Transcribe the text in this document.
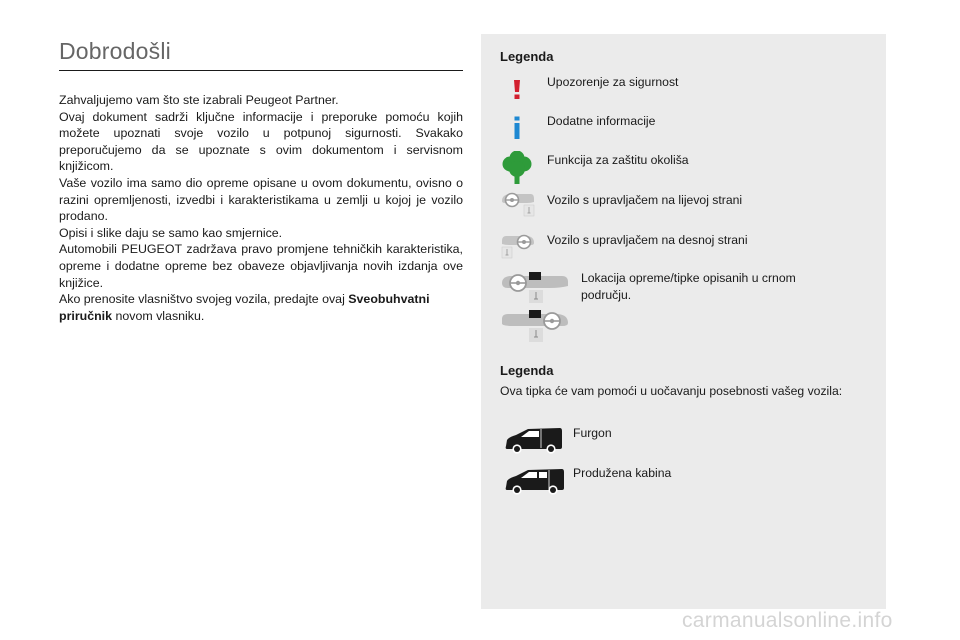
Dobrodošli

Zahvaljujemo vam što ste izabrali Peugeot Partner.

Ovaj dokument sadrži ključne informacije i preporuke pomoću kojih možete upoznati svoje vozilo u potpunoj sigurnosti. Svakako preporučujemo da se upoznate s ovim dokumentom i servisnom knjižicom.

Vaše vozilo ima samo dio opreme opisane u ovom dokumentu, ovisno o razini opremljenosti, izvedbi i karakteristikama u zemlji u kojoj je vozilo prodano.

Opisi i slike daju se samo kao smjernice.

Automobili PEUGEOT zadržava pravo promjene tehničkih karakteristika, opreme i dodatne opreme bez obaveze objavljivanja novih izdanja ove knjižice.

Ako prenosite vlasništvo svojeg vozila, predajte ovaj Sveobuhvatni priručnik novom vlasniku.

Legenda
Upozorenje za sigurnost
Dodatne informacije
Funkcija za zaštitu okoliša
Vozilo s upravljačem na lijevoj strani
Vozilo s upravljačem na desnoj strani
Lokacija opreme/tipke opisanih u crnom području.
Legenda
Ova tipka će vam pomoći u uočavanju posebnosti vašeg vozila:
Furgon
Produžena kabina
carmanualsonline.info
